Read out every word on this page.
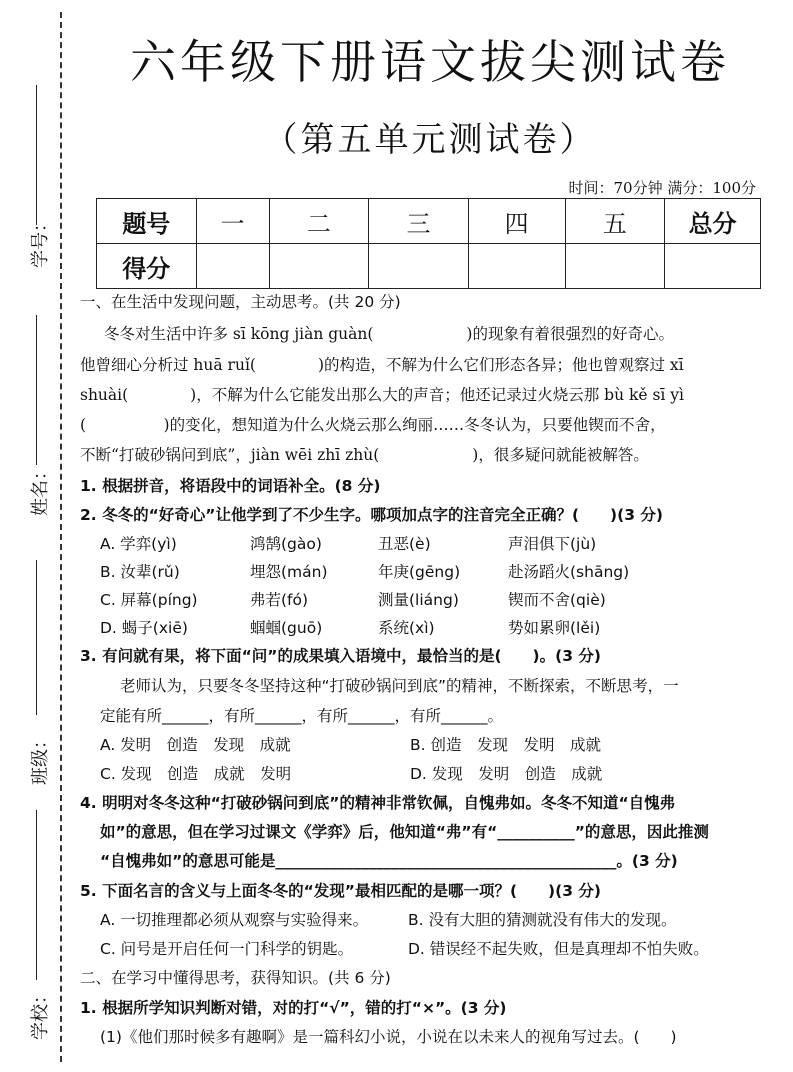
学号：
姓名：
班级：
学校：
六年级下册语文拔尖测试卷
（第五单元测试卷）
时间：70分钟 满分：100分
题号	一	二	三	四	五	总分
得分						
一、在生活中发现问题，主动思考。(共 20 分)
冬冬对生活中许多 sī kōng jiàn guàn(　　　　　　)的现象有着很强烈的好奇心。
他曾细心分析过 huā ruǐ(　　　　)的构造，不解为什么它们形态各异；他也曾观察过 xī
shuài(　　　　)，不解为什么它能发出那么大的声音；他还记录过火烧云那 bù kě sī yì
(　　　　　)的变化，想知道为什么火烧云那么绚丽……冬冬认为，只要他锲而不舍，
不断“打破砂锅问到底”，jiàn wēi zhī zhù(　　　　　　)，很多疑问就能被解答。
1. 根据拼音，将语段中的词语补全。(8 分)
2. 冬冬的“好奇心”让他学到了不少生字。哪项加点字的注音完全正确？(　　)(3 分)
A. 学弈(yì)	鸿鹄(gào)	丑恶(è)	声泪俱下(jù)
B. 汝辈(rǔ)	埋怨(mán)	年庚(gēng)	赴汤蹈火(shāng)
C. 屏幕(píng)	弗若(fó)	测量(liáng)	锲而不舍(qiè)
D. 蝎子(xiē)	蝈蝈(guō)	系统(xì)	势如累卵(lěi)
3. 有问就有果，将下面“问”的成果填入语境中，最恰当的是(　　)。(3 分)
老师认为，只要冬冬坚持这种“打破砂锅问到底”的精神，不断探索，不断思考，一
定能有所______，有所______，有所______，有所______。
A. 发明　创造　发现　成就	B. 创造　发现　发明　成就
C. 发现　创造　成就　发明	D. 发现　发明　创造　成就
4. 明明对冬冬这种“打破砂锅问到底”的精神非常钦佩，自愧弗如。冬冬不知道“自愧弗
如”的意思，但在学习过课文《学弈》后，他知道“弗”有“__________”的意思，因此推测
“自愧弗如”的意思可能是____________________________________________。(3 分)
5. 下面名言的含义与上面冬冬的“发现”最相匹配的是哪一项？(　　)(3 分)
A. 一切推理都必须从观察与实验得来。	B. 没有大胆的猜测就没有伟大的发现。
C. 问号是开启任何一门科学的钥匙。	D. 错误经不起失败，但是真理却不怕失败。
二、在学习中懂得思考，获得知识。(共 6 分)
1. 根据所学知识判断对错，对的打“√”，错的打“×”。(3 分)
(1)《他们那时候多有趣啊》是一篇科幻小说，小说在以未来人的视角写过去。(　　)
